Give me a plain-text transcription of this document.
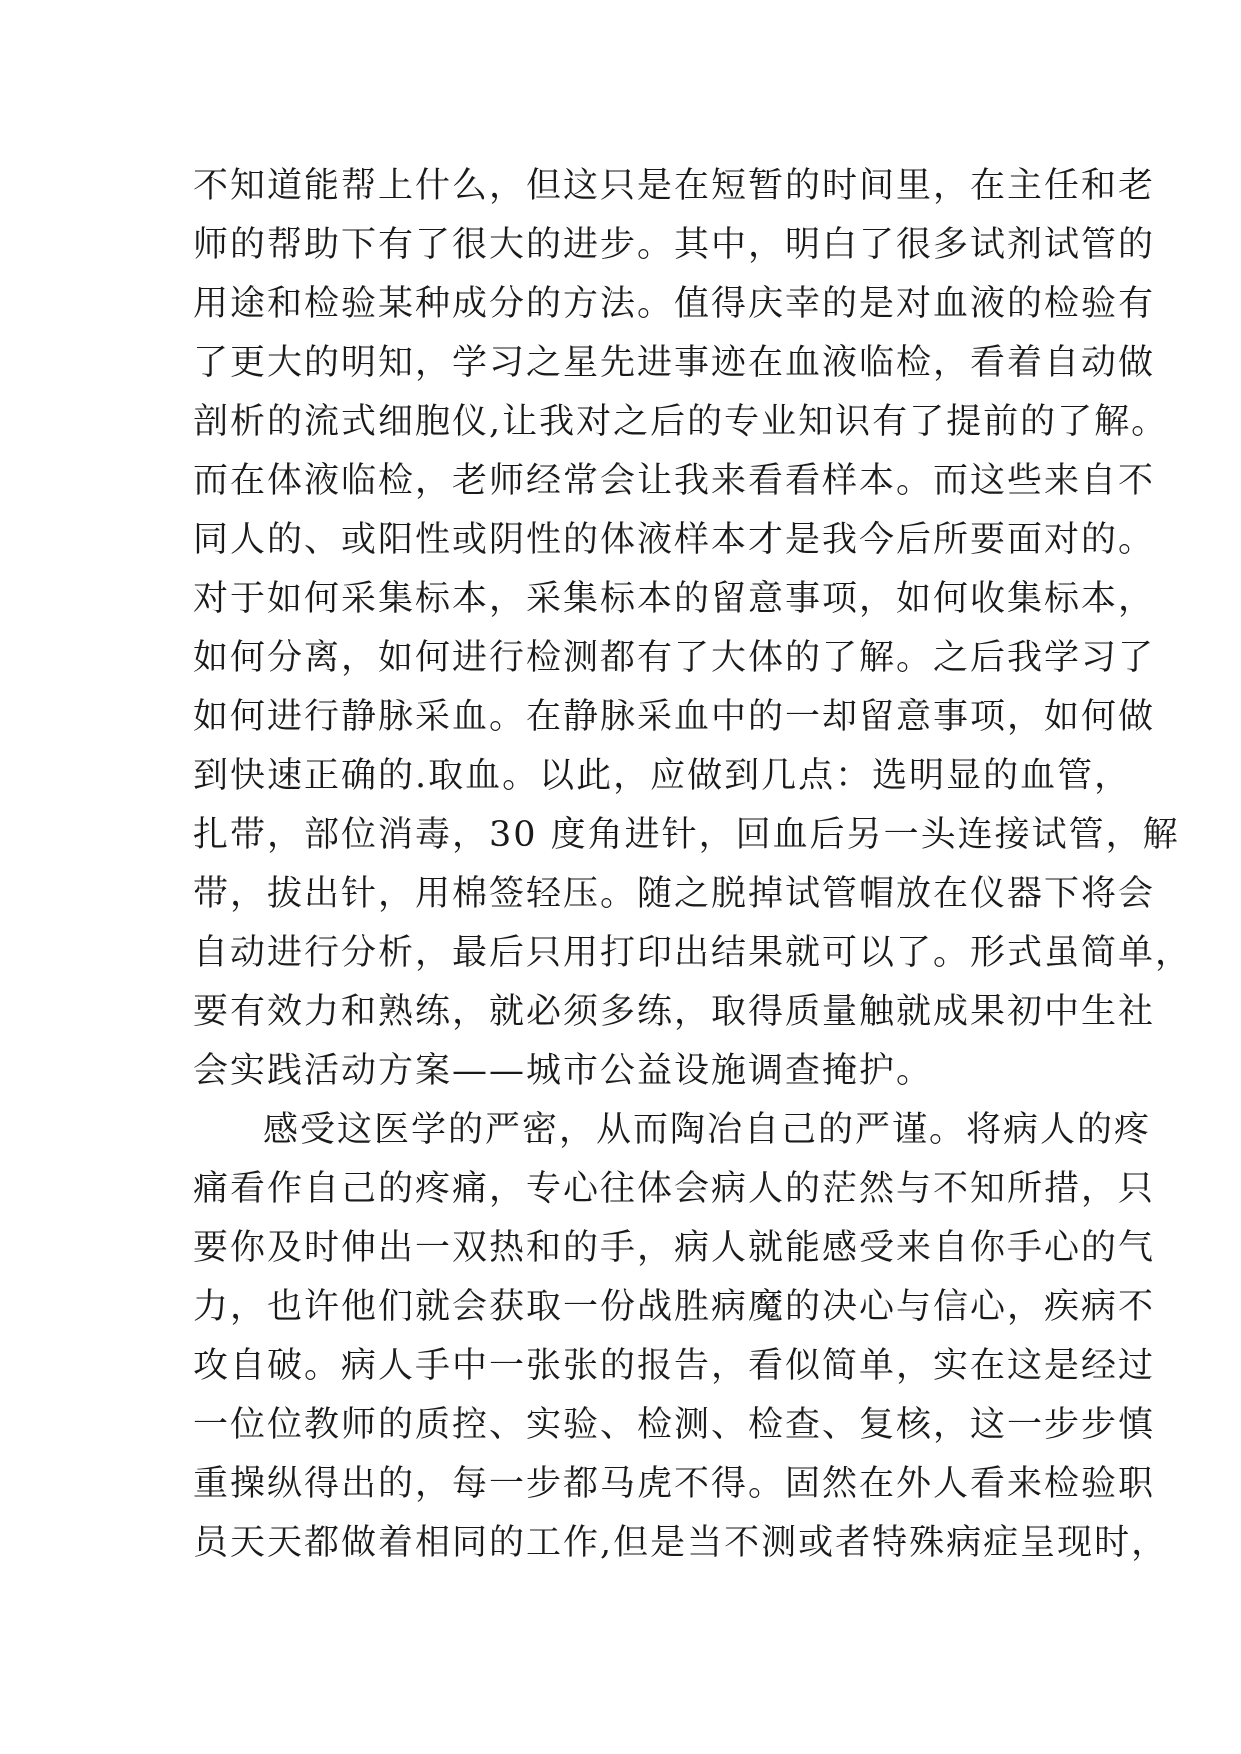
不知道能帮上什么，但这只是在短暂的时间里，在主任和老
师的帮助下有了很大的进步。其中，明白了很多试剂试管的
用途和检验某种成分的方法。值得庆幸的是对血液的检验有
了更大的明知，学习之星先进事迹在血液临检，看着自动做
剖析的流式细胞仪,让我对之后的专业知识有了提前的了解。
而在体液临检，老师经常会让我来看看样本。而这些来自不
同人的、或阳性或阴性的体液样本才是我今后所要面对的。
对于如何采集标本，采集标本的留意事项，如何收集标本，
如何分离，如何进行检测都有了大体的了解。之后我学习了
如何进行静脉采血。在静脉采血中的一却留意事项，如何做
到快速正确的.取血。以此，应做到几点：选明显的血管，
扎带，部位消毒，30 度角进针，回血后另一头连接试管，解
带，拔出针，用棉签轻压。随之脱掉试管帽放在仪器下将会
自动进行分析，最后只用打印出结果就可以了。形式虽简单，
要有效力和熟练，就必须多练，取得质量触就成果初中生社
会实践活动方案——城市公益设施调查掩护。
感受这医学的严密，从而陶冶自己的严谨。将病人的疼
痛看作自己的疼痛，专心往体会病人的茫然与不知所措，只
要你及时伸出一双热和的手，病人就能感受来自你手心的气
力，也许他们就会获取一份战胜病魔的决心与信心，疾病不
攻自破。病人手中一张张的报告，看似简单，实在这是经过
一位位教师的质控、实验、检测、检查、复核，这一步步慎
重操纵得出的，每一步都马虎不得。固然在外人看来检验职
员天天都做着相同的工作,但是当不测或者特殊病症呈现时，
